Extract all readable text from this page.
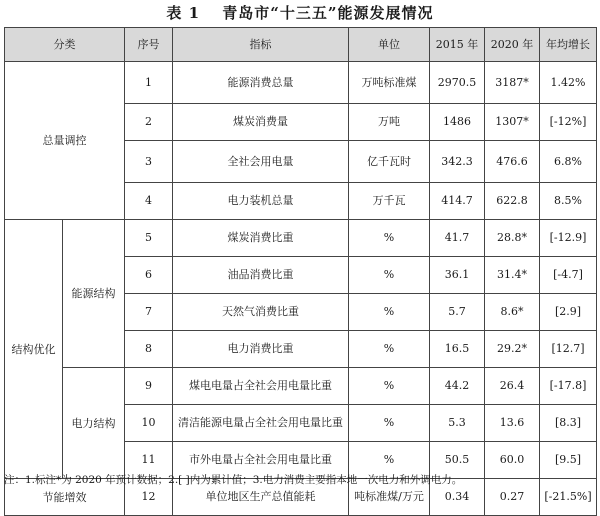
表 1　 青岛市“十三五”能源发展情况
分类		序号	指标	单位	2015 年	2020 年	年均增长
总量调控		1	能源消费总量	万吨标准煤	2970.5	3187*	1.42%
		2	煤炭消费量	万吨	1486	1307*	[-12%]
		3	全社会用电量	亿千瓦时	342.3	476.6	6.8%
		4	电力装机总量	万千瓦	414.7	622.8	8.5%
结构优化	能源结构	5	煤炭消费比重	%	41.7	28.8*	[-12.9]
		6	油品消费比重	%	36.1	31.4*	[-4.7]
		7	天然气消费比重	%	5.7	8.6*	[2.9]
		8	电力消费比重	%	16.5	29.2*	[12.7]
	电力结构	9	煤电电量占全社会用电量比重	%	44.2	26.4	[-17.8]
		10	清洁能源电量占全社会用电量比重	%	5.3	13.6	[8.3]
		11	市外电量占全社会用电量比重	%	50.5	60.0	[9.5]
节能增效		12	单位地区生产总值能耗	吨标准煤/万元	0.34	0.27	[-21.5%]
注：1.标注*为 2020 年预计数据；2.[ ]内为累计值；3.电力消费主要指本地一次电力和外调电力。
